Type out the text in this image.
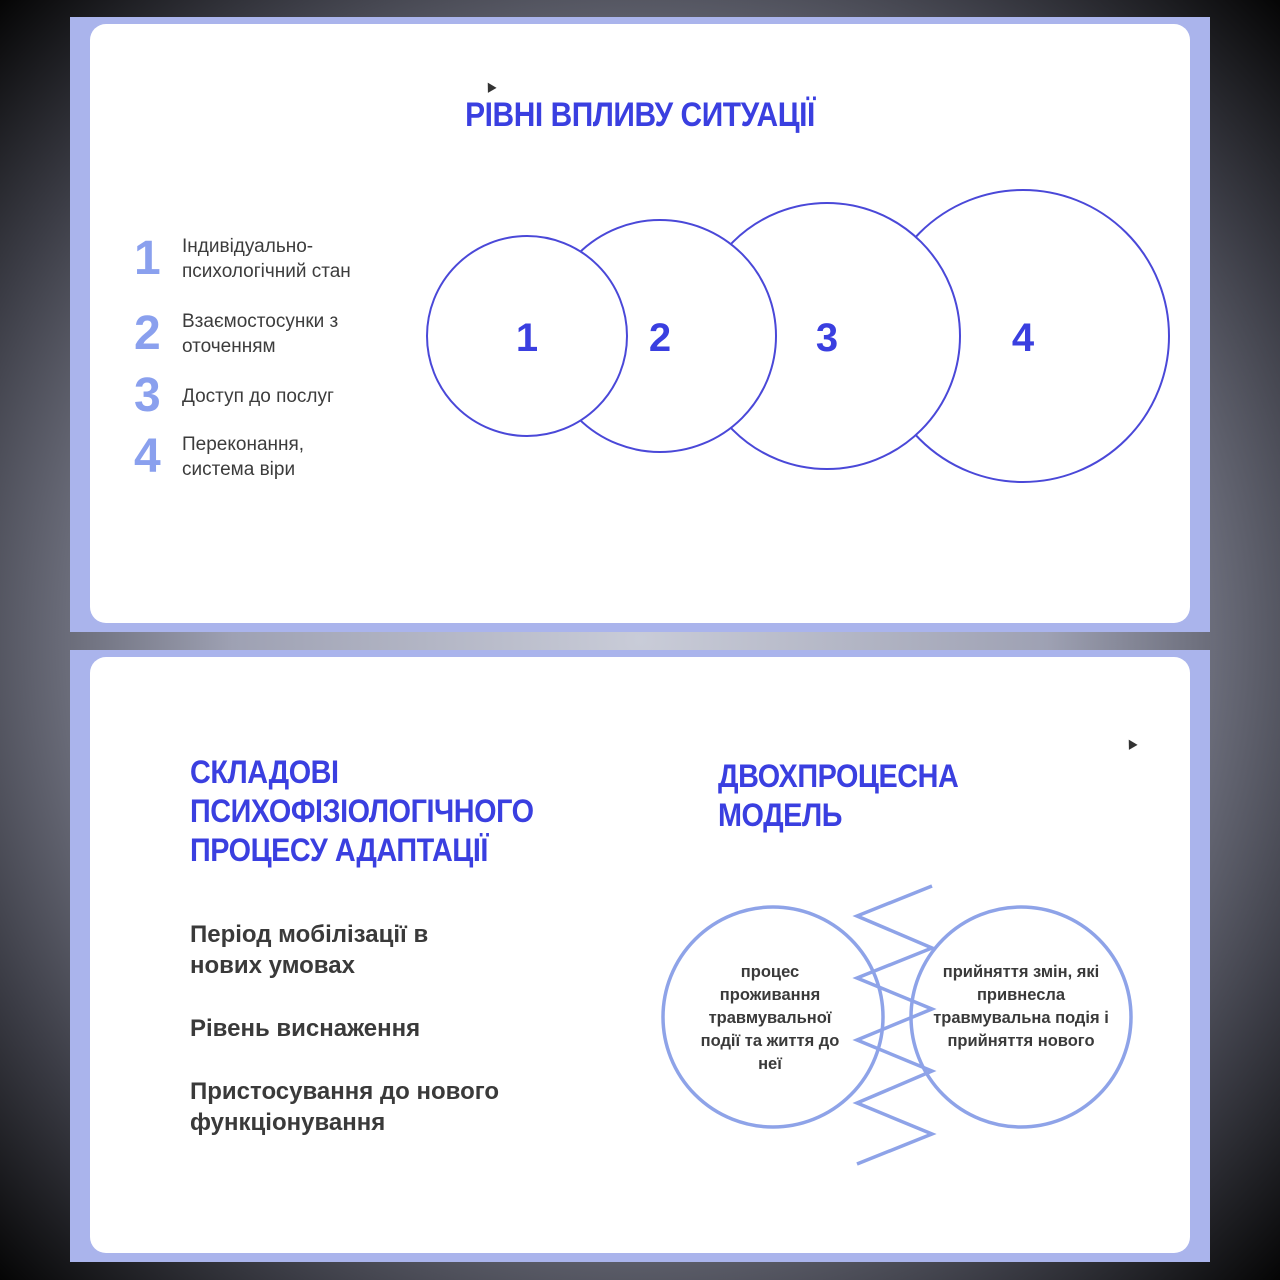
РІВНІ ВПЛИВУ СИТУАЦІЇ
1	Індивідуально-психологічний стан
2	Взаємостосунки з оточенням
3	Доступ до послуг
4	Переконання, система віри
1	2	3	4
СКЛАДОВІ ПСИХОФІЗІОЛОГІЧНОГО ПРОЦЕСУ АДАПТАЦІЇ
Період мобілізації в нових умовах
Рівень виснаження
Пристосування до нового функціонування
ДВОХПРОЦЕСНА МОДЕЛЬ
процес проживання травмувальної події та життя до неї
прийняття змін, які привнесла травмувальна подія і прийняття нового
